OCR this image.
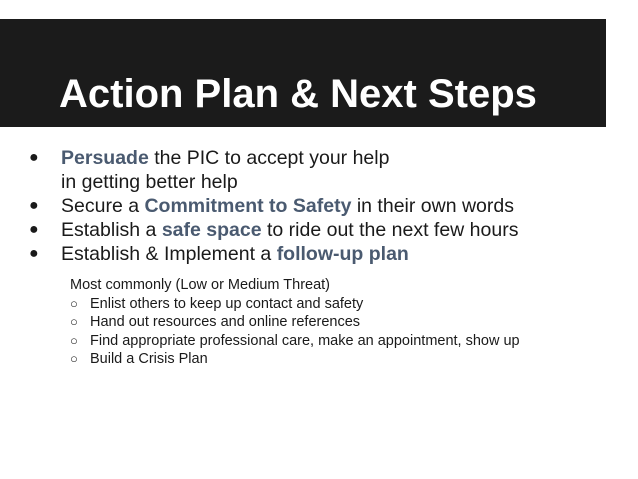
Action Plan & Next Steps
● Persuade the PIC to accept your help
in getting better help
● Secure a Commitment to Safety in their own words
● Establish a safe space to ride out the next few hours
● Establish & Implement a follow-up plan
Most commonly (Low or Medium Threat)
○ Enlist others to keep up contact and safety
○ Hand out resources and online references
○ Find appropriate professional care, make an appointment, show up
○ Build a Crisis Plan
